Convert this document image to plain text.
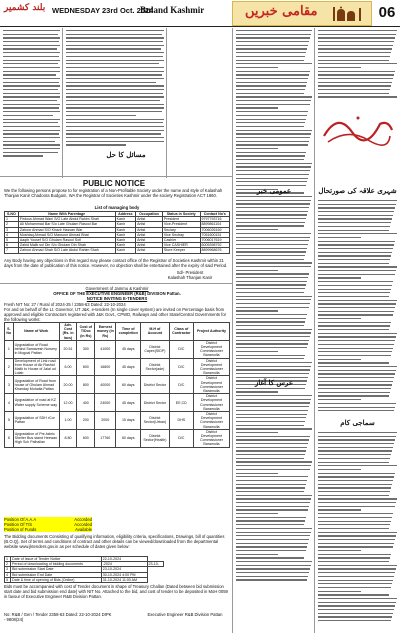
بلند کشمیر WEDNESDAY 23rd Oct. 2024
Buland Kashmir	مقامی خبریں	06
مسائل کا حل
PUBLIC NOTICE
We the following persons propose to for registration of a Non-Profitable Society under the name and style of Kalashah Thanjan Kanir Chadoora Budgam, WA the Registrar of Societies Kashmir under the society Registration ACT 1860.
List of managing body
S.NO	Name With Parentage	Address	Occupation	Status in Society	Contact No's
1	Firdous Ahmad Wani S/O Late Abdul Rahim Shah	Kanir	Artist	President	9797793716
2	Ali Mohammad Bar S/o Late Ghulam Rasool Bar	Kanir	Artist	Vice-President	8899861104
3	Zahoor Ahmad S/O Khazir Hassan War	Kanir	Artist	Seciary	7006026169
4	Mushtaq Ahmad S/O Mansoor Ahmad Bhat	Kanir	Artist	Vice Sectray	7051600151
5	Aaqib Yousef S/O Ghulam Rasool Sofi	Kanir	Artist	Cashier	7006017619
6	Zahid Malik sol Din S/o Ghulam Din Shah	Kanir	Artist	Vice CASHIER	6005398792
7	Zahoor Ahmad Shah S/O Late Abdul Rahim Shah	Kanir	Artist	Store Keeper	8899968676
Any Body having any objections in this regard may please contact office of the Registrar of Societies Kashmir within 21 days from the date of publication of this notice. However, no objection shall be entertained after the expiry of said Period.
Sd/- President
Kalashah Thanjan Kanir
Government of Jammu & Kashmir
OFFICE OF THE EXECUTIVE ENGINEER (R&B) DIVISION Pattan.
NOTICE INVITING E-TENDERS
Fresh NIT No: 27 / Rural of 2024-25 / 2358-63 Dated: 22-10-2024
For and on behalf of the Lt. Governor, UT J&K, e-tenders (In single cover system) are invited on Percentage basis from approved and eligible Contractors registered with J&K Govt., CPWD, Railways and other State/Central Governments for the following works:
S. No	Name of Work	Adv. Cost (Rs. in lacs)	Cost of T/Doc (in Rs)	Earnest money (in Rs)	Time of completion	M.H of Account	Class of Contractor	Project Authority
1	Upgradation of Road behind Samavesh Nursery in Mogoal Pattan	20.51	300	41000	45 days	District Capex(SIDP)	D/C	District Development Commissioner Baramulla
2	Development of Link road from House of Ab Rashid Malik to House of Jalal ud Lolab	6.00	600	16800	45 days	District Sector(ade)	D/C	District Development Commissioner Baramulla
3	Upgradation of Road from house of Ghulam Ahmad Khanday Mohalla Pattan	20.00	800	40000	60 days	District Sector	D/C	District Development Commissioner Baramulla
4	Upgradation of road at KZ Water supply Scheme way	12.00	400	24000	45 days	District Sector	EE,CD	District Development Commissioner Baramulla
5	Upgradation of SDH rCor Pattan	1.00	200	2000	15 days	District Sector(Urban)	DHS	District Development Commissioner Baramulla
6	Upgradation of Pre-fabric Shelter Bus stand Heewan High Sch Palhallan	8.80	600	17760	60 days	District Sector(Health)	D/C	District Development Commissioner Baramulla
Position Of A.A.A	Accorded
Position Of T/S	Accorded
Position of Funds	Available
The Bidding documents Consisting of qualifying information, eligibility criteria, specifications, Drawings, bill of quantities (B.O.Q), Set of terms and conditions of contract and other details can be viewed/downloaded from the departmental website www.jktenders.gov.in as per schedule of dates given below:
1	Date of Issue of Tender Notice	22-10-2024	
2	Period of downloading of bidding documents	-2024	23-10-
3	Bid submission Start Date	23-10-2024	
4	Bid submission End Date	30-10-2024 4:00 PM	
5	Date & time of opening of Bids (Online)	31-10-2024 11:00 AM	
Bids must be accompanied with cost of Tender document in shape of Treasury Challan (Dated between bid submission start date and bid submission end date) with NIT No. Attached to the bid, and cost of tender to be deposited in MoH 0059 in favour of Executive Engineer R&B Division Pattan.
No: R&B / Gen / Tender 2358-63 Dated: 22-10-2024 DIPK - 9808(24)
Executive Engineer R&B Division Pattan
عمومی خبر
عرس کا آغاز
شہری علاقہ کی صورتحال
سماجی کام
